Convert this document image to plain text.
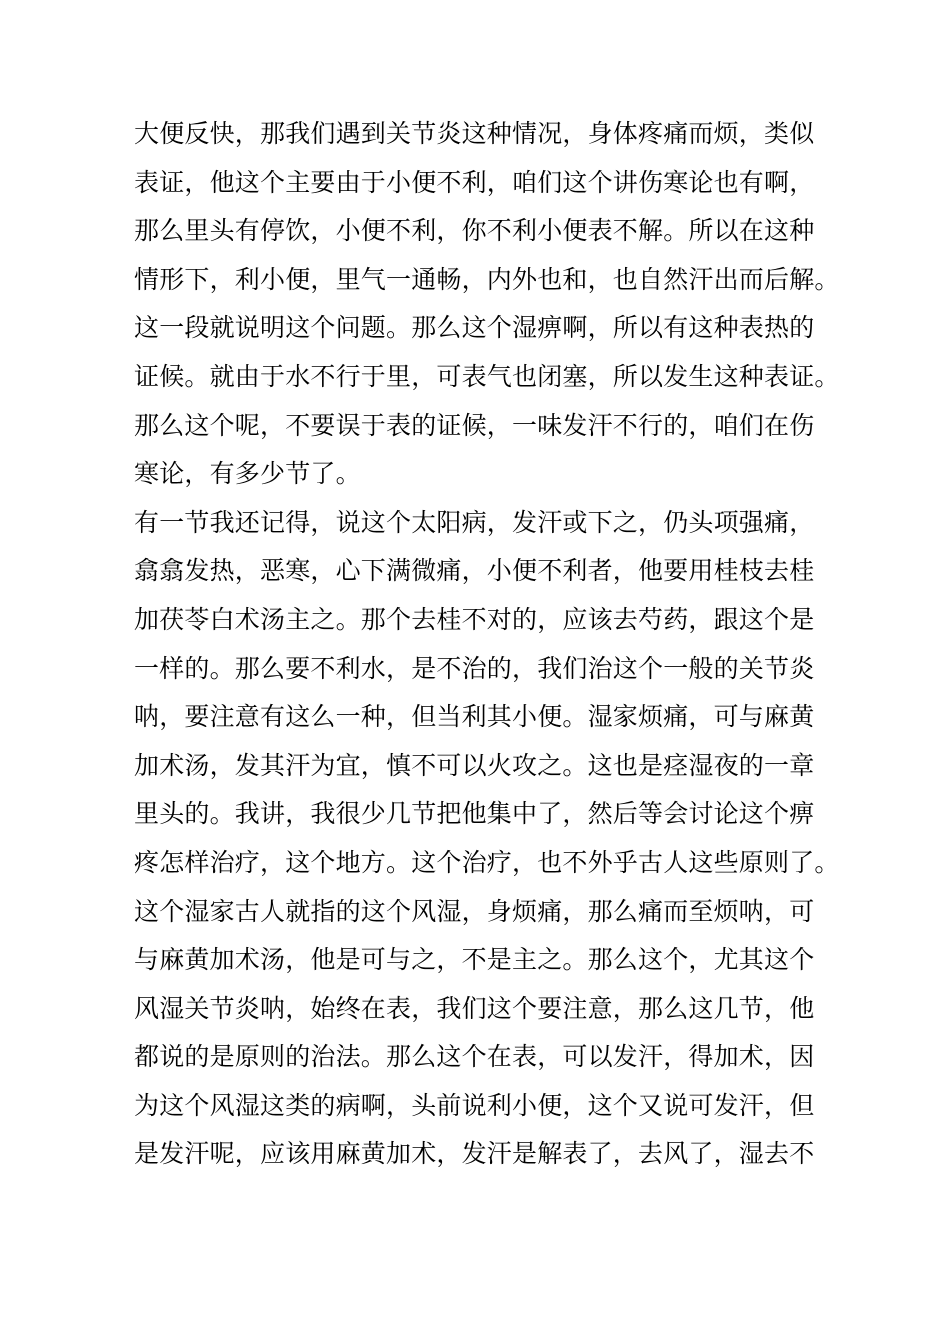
大便反快，那我们遇到关节炎这种情况，身体疼痛而烦，类似
表证，他这个主要由于小便不利，咱们这个讲伤寒论也有啊，
那么里头有停饮，小便不利，你不利小便表不解。所以在这种
情形下，利小便，里气一通畅，内外也和，也自然汗出而后解。
这一段就说明这个问题。那么这个湿痹啊，所以有这种表热的
证候。就由于水不行于里，可表气也闭塞，所以发生这种表证。
那么这个呢，不要误于表的证候，一味发汗不行的，咱们在伤
寒论，有多少节了。
有一节我还记得，说这个太阳病，发汗或下之，仍头项强痛，
翕翕发热，恶寒，心下满微痛，小便不利者，他要用桂枝去桂
加茯苓白术汤主之。那个去桂不对的，应该去芍药，跟这个是
一样的。那么要不利水，是不治的，我们治这个一般的关节炎
呐，要注意有这么一种，但当利其小便。湿家烦痛，可与麻黄
加术汤，发其汗为宜，慎不可以火攻之。这也是痉湿夜的一章
里头的。我讲，我很少几节把他集中了，然后等会讨论这个痹
疼怎样治疗，这个地方。这个治疗，也不外乎古人这些原则了。
这个湿家古人就指的这个风湿，身烦痛，那么痛而至烦呐，可
与麻黄加术汤，他是可与之，不是主之。那么这个，尤其这个
风湿关节炎呐，始终在表，我们这个要注意，那么这几节，他
都说的是原则的治法。那么这个在表，可以发汗，得加术，因
为这个风湿这类的病啊，头前说利小便，这个又说可发汗，但
是发汗呢，应该用麻黄加术，发汗是解表了，去风了，湿去不
